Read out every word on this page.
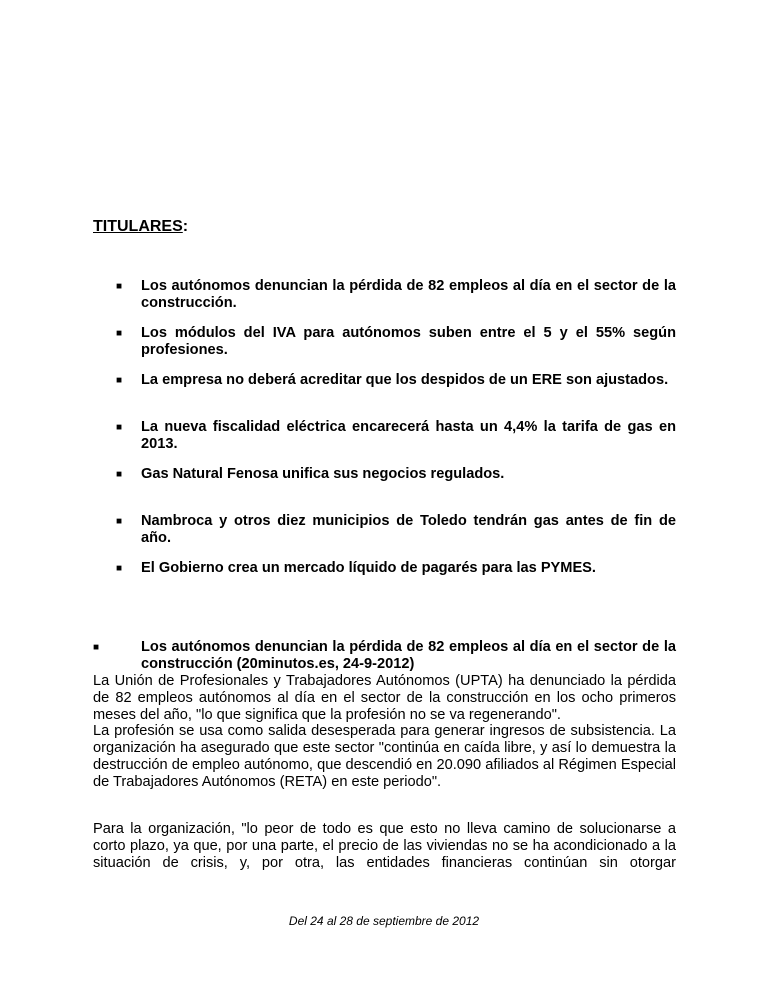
TITULARES:
■ Los autónomos denuncian la pérdida de 82 empleos al día en el sector de la construcción.
■ Los módulos del IVA para autónomos suben entre el 5 y el 55% según profesiones.
■ La empresa no deberá acreditar que los despidos de un ERE son ajustados.
■ La nueva fiscalidad eléctrica encarecerá hasta un 4,4% la tarifa de gas en 2013.
■ Gas Natural Fenosa unifica sus negocios regulados.
■ Nambroca y otros diez municipios de Toledo tendrán gas antes de fin de año.
■ El Gobierno crea un mercado líquido de pagarés para las PYMES.
■	Los autónomos denuncian la pérdida de 82 empleos al día en el sector de la construcción (20minutos.es, 24-9-2012)
La Unión de Profesionales y Trabajadores Autónomos (UPTA) ha denunciado la pérdida de 82 empleos autónomos al día en el sector de la construcción en los ocho primeros meses del año, "lo que significa que la profesión no se va regenerando".
La profesión se usa como salida desesperada para generar ingresos de subsistencia. La organización ha asegurado que este sector "continúa en caída libre, y así lo demuestra la destrucción de empleo autónomo, que descendió en 20.090 afiliados al Régimen Especial de Trabajadores Autónomos (RETA) en este periodo".
Para la organización, "lo peor de todo es que esto no lleva camino de solucionarse a corto plazo, ya que, por una parte, el precio de las viviendas no se ha acondicionado a la situación de crisis, y, por otra, las entidades financieras continúan sin otorgar
Del 24 al 28 de septiembre de 2012
